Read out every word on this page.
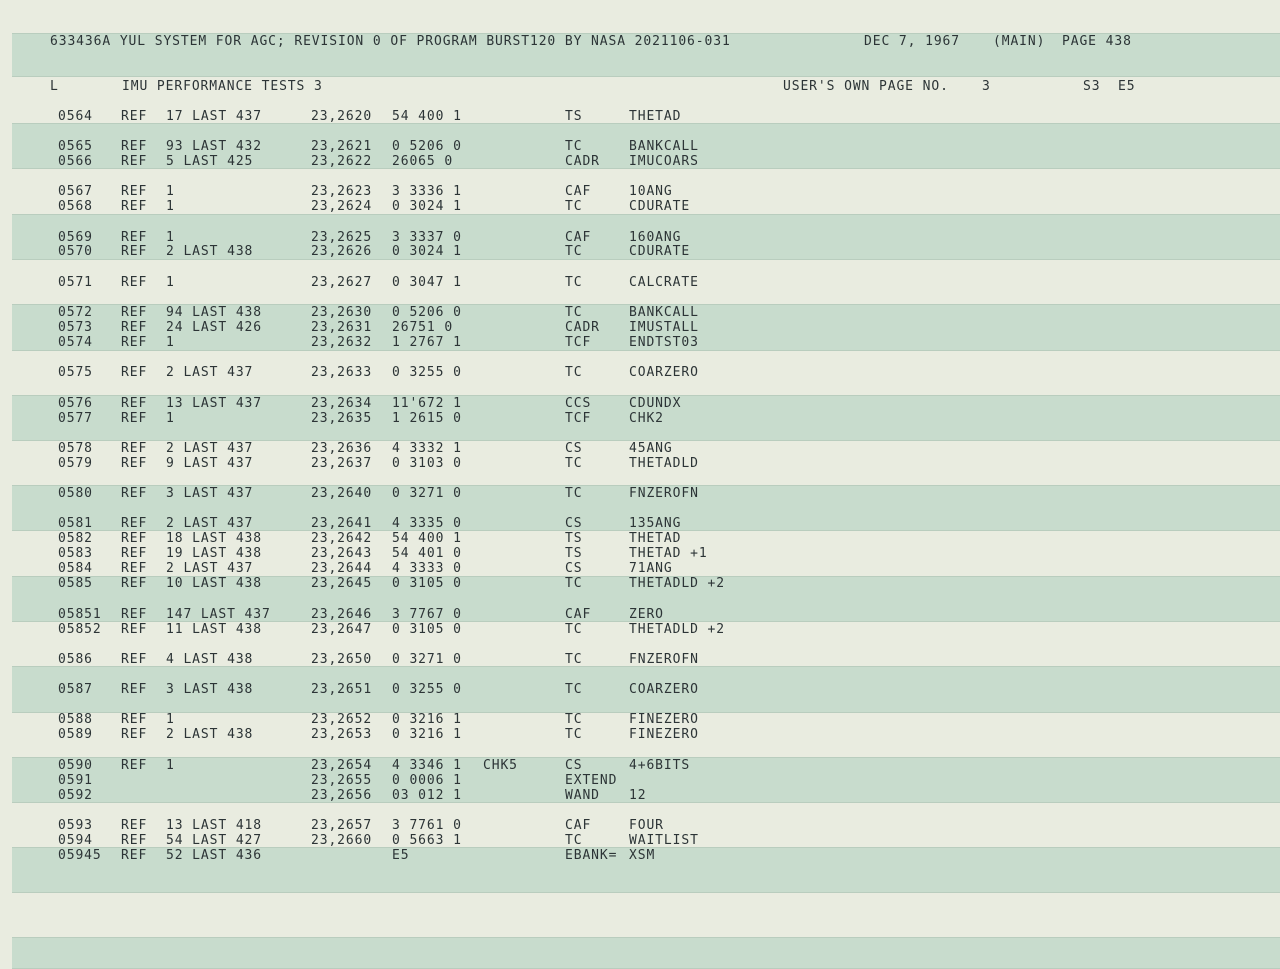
633436A YUL SYSTEM FOR AGC; REVISION 0 OF PROGRAM BURST120 BY NASA 2021106-031	DEC 7, 1967	(MAIN) PAGE 438
L	IMU PERFORMANCE TESTS 3	USER'S OWN PAGE NO.	3	S3 E5
0564 REF 17 LAST 437	23,2620 54 400 1	TS	THETAD
0565 REF 93 LAST 432	23,2621 0 5206 0	TC	BANKCALL
0566 REF 5 LAST 425	23,2622 26065 0	CADR IMUCOARS
0567 REF 1	23,2623 3 3336 1	CAF	10ANG
0568 REF 1	23,2624 0 3024 1	TC	CDURATE
0569 REF 1	23,2625 3 3337 0	CAF	160ANG
0570 REF 2 LAST 438	23,2626 0 3024 1	TC	CDURATE
0571 REF 1	23,2627 0 3047 1	TC	CALCRATE
0572 REF 94 LAST 438	23,2630 0 5206 0	TC	BANKCALL
0573 REF 24 LAST 426	23,2631 26751 0	CADR IMUSTALL
0574 REF 1	23,2632 1 2767 1	TCF	ENDTST03
0575 REF 2 LAST 437	23,2633 0 3255 0	TC	COARZERO
0576 REF 13 LAST 437	23,2634 11'672 1	CCS	CDUNDX
0577 REF 1	23,2635 1 2615 0	TCF	CHK2
0578 REF 2 LAST 437	23,2636 4 3332 1	CS	45ANG
0579 REF 9 LAST 437	23,2637 0 3103 0	TC	THETADLD
0580 REF 3 LAST 437	23,2640 0 3271 0	TC	FNZEROFN
0581 REF 2 LAST 437	23,2641 4 3335 0	CS	135ANG
0582 REF 18 LAST 438	23,2642 54 400 1	TS	THETAD
0583 REF 19 LAST 438	23,2643 54 401 0	TS	THETAD +1
0584 REF 2 LAST 437	23,2644 4 3333 0	CS	71ANG
0585 REF 10 LAST 438	23,2645 0 3105 0	TC	THETADLD +2
05851 REF 147 LAST 437	23,2646 3 7767 0	CAF	ZERO
05852 REF 11 LAST 438	23,2647 0 3105 0	TC	THETADLD +2
0586 REF 4 LAST 438	23,2650 0 3271 0	TC	FNZEROFN
0587 REF 3 LAST 438	23,2651 0 3255 0	TC	COARZERO
0588 REF 1	23,2652 0 3216 1	TC	FINEZERO
0589 REF 2 LAST 438	23,2653 0 3216 1	TC	FINEZERO
0590 REF 1	23,2654 4 3346 1 CHK5	CS	4+6BITS
0591	23,2655 0 0006 1	EXTEND
0592	23,2656 03 012 1	WAND 12
0593 REF 13 LAST 418	23,2657 3 7761 0	CAF	FOUR
0594 REF 54 LAST 427	23,2660 0 5663 1	TC	WAITLIST
05945 REF 52 LAST 436	E5	EBANK= XSM
